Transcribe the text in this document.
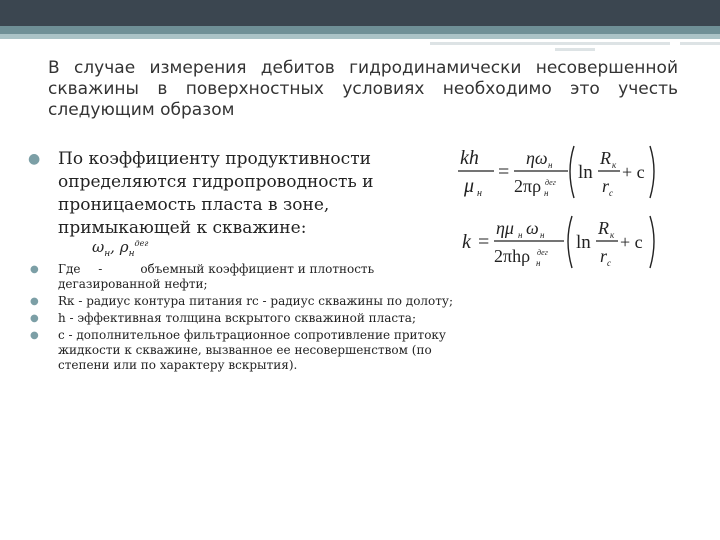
В случае измерения дебитов гидродинамически несовершенной скважины в поверхностных условиях необходимо это учесть следующим образом

● По коэффициенту продуктивности определяются гидропроводность и проницаемость пласта в зоне, примыкающей к скважине:
$\omega_н$, $\rho_н^{дег}$
● Где -	объемный коэффициент и плотность дегазированной нефти;
● Rк - радиус контура питания rс - радиус скважины по долоту;
● h - эффективная толщина вскрытого скважиной пласта;
● с - дополнительное фильтрационное сопротивление притоку жидкости к скважине, вызванное ее несовершенством (по степени или по характеру вскрытия).
kh
μ н
=
ηω н
2πρ н
дег ln
R к
r c
+ c
k =
ημ н ω н
2πhρ н
дег ln
R к
r c
+ c
